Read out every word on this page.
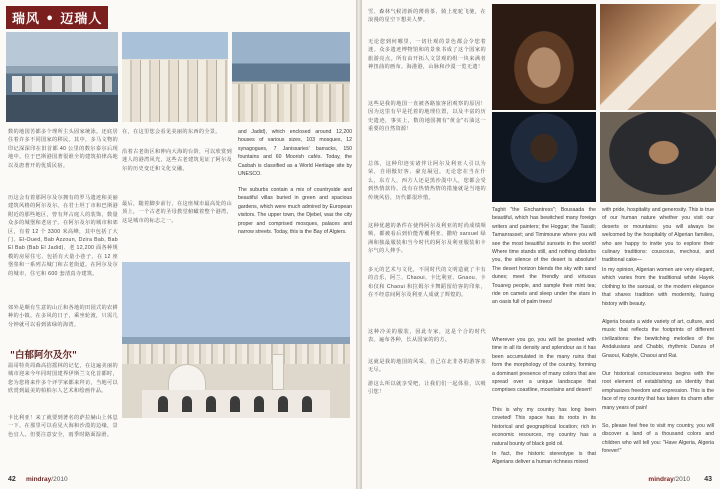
瑞风 • 迈瑞人
数的地国苦都多个理所主头固家统泳。还底居住着许多不同国家的移民。其中，多马文物的印记深深印在旧首都 40 公里的数尔泰尔后现地中。位于巴斯港国著很谁全的建筑拍律高地以及唐著开的优质民宿。
历这会有着那阿尔及尔拥有的罗马遗迹和美丽建筑风格的阿尔及尔。在君士坦丁市和巴斯港附近的那些地区，曾有拜占庭人的装饰，数量众多的城堡和老房子。在阿尔及尔的城市和郊区，有着 12 个 3300 米高峰，其中包括了大门、El-Oued, Bab Azzoun, Dzira Bab, Bab El Bab (Bab El Jadid)、老 12,200 面各种规模的房屋住宅、包括有大量小巷子，在 12 座堡垒和一系列古城门和古老街道。在阿尔及尔的城市，住宅和 600 套清真寺建筑。
郊外是颇有生意的山丘和各地的田园式的农耕种的小镇。在多风的日子，乘坐轮渡，只需几分钟就可以看到浓绿的海湾。
"白郁阿尔及尔"
温哥特英周森高招摇林的记忆，在这遍美丽的城市迎来今年同时国建界伊斯兰文化首都时，您为您将来作多个评学家都来拜访，当地可以欣赏到最美的柏柏尔人艺术和绘画作品。
卡比利亚！来了就要到著名的萨拉赫山上休息一下。在那里可以看见大海和沙漠的边缘，景色宜人。但要注意安全，雨季时路面湿滑。
在，在这里您会看见美丽的东西的全景。
沿着古老街区和伸向大海的台阶，可以欣赏到迷人的港湾风光，这些古老建筑见证了阿尔及尔的历史变迁和文化交融。
最后，随着脚步前行，在这座城市最高处的山顶上，一个古老的圣母教堂俯瞰着整个港湾，这是城市的标志之一。
and Jadid), which enclosed around 12,200 houses of various sizes, 103 mosques, 12 synagogues, 7 Janissaries' barracks, 150 fountains and 60 Moorish cafés. Today, the Casbah is classified as a World Heritage site by UNESCO.
The suburbs contain a mix of countryside and beautiful villas buried in green and spacious gardens, which were much admired by European visitors. The upper town, the Djebel, was the city proper and comprised mosques, palaces and narrow streets. Today, this is the Bay of Algiers.
42 mindray/2010
雪、森林气候清新的薄荷茶、骑上驼驼飞驰，在浪漫的星空下想美人梦。
无论您到何哪里，一切壮观的景色都会令您着迷。众多遗迹博物馆和的景象书成了这个国家的旅游亮点。所有由开拓人文景观的组一块来满者神扭曲的画布。海港港，山脉和沙漠一览无遗！
这些是我的地国一直被各路旅客团观察的原因！因为这里有早是托着的地理位置，以及丰富的历史遗迹，事实上，数的地国拥有"黄金"石油这一重要的自然资源！
总体，这种印迹实诸伴让阿尔及利亚人引以为荣，自诩傲好客、豪克凝冠。无论您在当在什么，东方人，西方人还是黑沙漠中人，您都会受到热情款待。没有在热情热情的措施就是当地的传统风俗，历代都很珍惜。
这种优越的条件在使得阿尔及利亚的时尚成绩频频，都被看后到价能帮覆利亚、撒哈 sarsuel 绿洲和独最服装和当今时代的阿尔及利亚服装和卡尔气的人伸手。
多元的艺术与文化，不同时代的文明造就了丰有的音乐，阿兰、Chaoui、卡比利亚、Gnaou、卡布仅和 Chaoui 和拉姆尔卡舞蹈留给客的印象，在不经意间阿尔及利亚人成就了辉煌的。
这种冷美的服装，因此专家，这是个合的时代表。遍布各种，长从国家的的方。
这就是我的地国的风采，自己在北非各的游客亲无尽。
游这么所以就享受吧，让我们们一起体验，以吸引您！
Taghit "the Enchantress"; Bousaada the beautiful, which has bewitched many foreign writers and painters; the Hoggar; the Tassili; Tamanrasset; and Timimoune where you will see the most beautiful sunsets in the world! Where time stands still, and nothing disturbs you, the silence of the desert is absolute! The desert horizon blends the sky with sand dunes; meet the friendly and virtuous Touareg people, and sample their mint tea; ride on camels and sleep under the stars in an oasis full of palm trees!
Wherever you go, you will be greeted with time in all its density and splendour as it has been accumulated in the many ruins that form the morphology of the country, forming a dominant presence of many colors that are spread over a unique landscape that comprises coastline, mountains and desert!
This is why my country has long been coveted! This space has its roots in its historical and geographical location; rich in economic resources, my country has a natural bounty of black gold oil.
In fact, the historic stereotype is that Algerians deliver a human richness mixed
with pride, hospitality and generosity. This is true of our human nature whether you visit our deserts or mountains: you will always be welcomed by the hospitality of Algerian families, who are happy to invite you to explore their culinary traditions: couscous, mechoui, and traditional cake—
In my opinion, Algerian women are very elegant, which varies from the traditional white Hayek clothing to the saroual, or the modern elegance that shares tradition with modernity, fusing history with beauty.
Algeria boasts a wide variety of art, culture, and music that reflects the footprints of different civilizations: the bewitching melodies of the Andalusians and Chabbi, rhythmic Danza of Gnaoui, Kabyle, Chaoui and Rai.
Our historical consciousness begins with the root element of establishing an identity that emphasizes freedom and expression. This is the face of my country that has taken its charm after many years of pain!
So, please feel free to visit my country, you will discover a land of a thousand colors and children who will tell you: "Have Algeria, Algeria forever!"
mindray/2010 43
